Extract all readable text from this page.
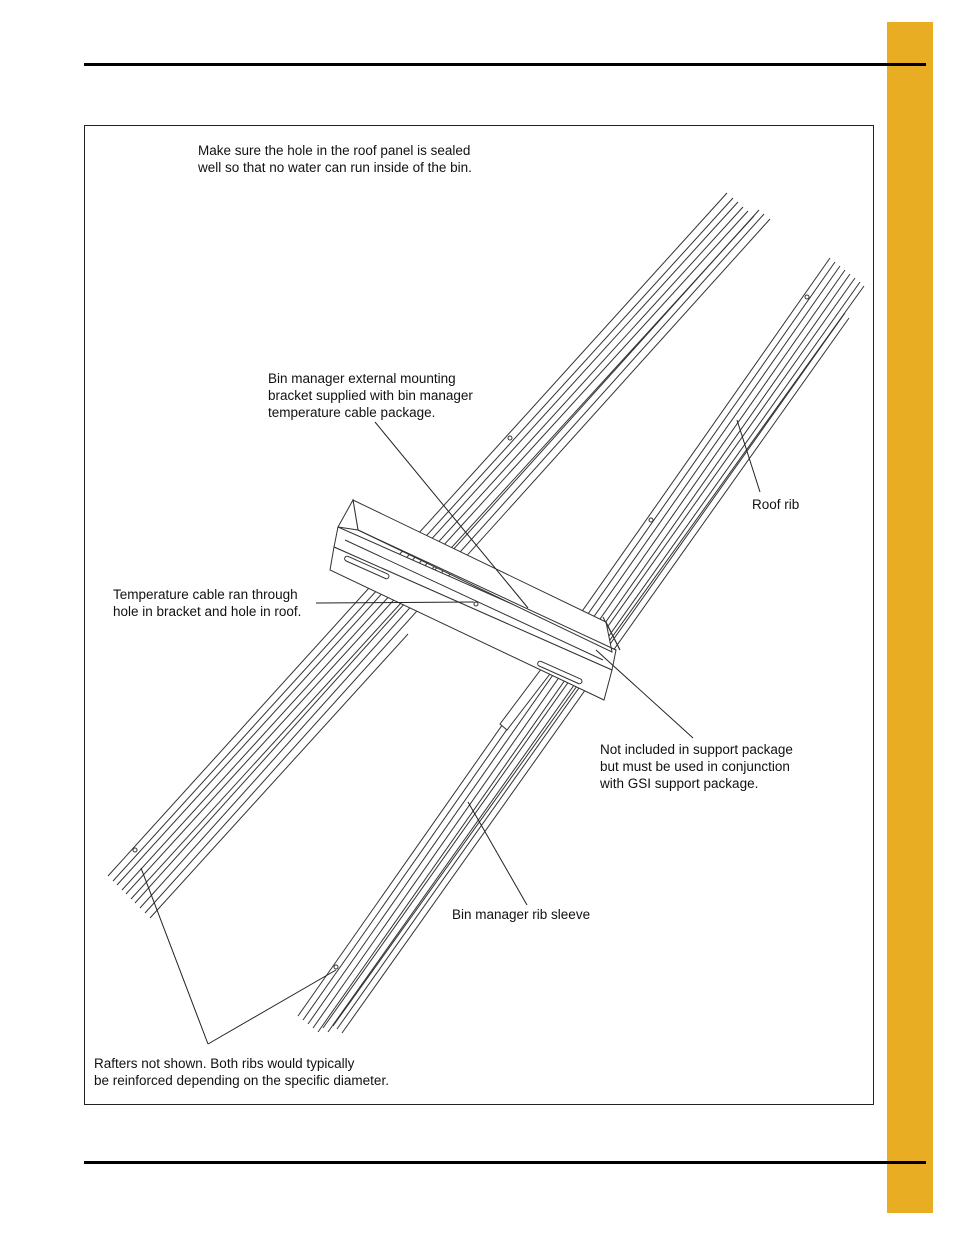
Make sure the hole in the roof panel is sealed
well so that no water can run inside of the bin.
Bin manager external mounting
bracket supplied with bin manager
temperature cable package.
Roof rib
Temperature cable ran through
hole in bracket and hole in roof.
Not included in support package
but must be used in conjunction
with GSI support package.
Bin manager rib sleeve
Rafters not shown. Both ribs would typically
be reinforced depending on the specific diameter.
